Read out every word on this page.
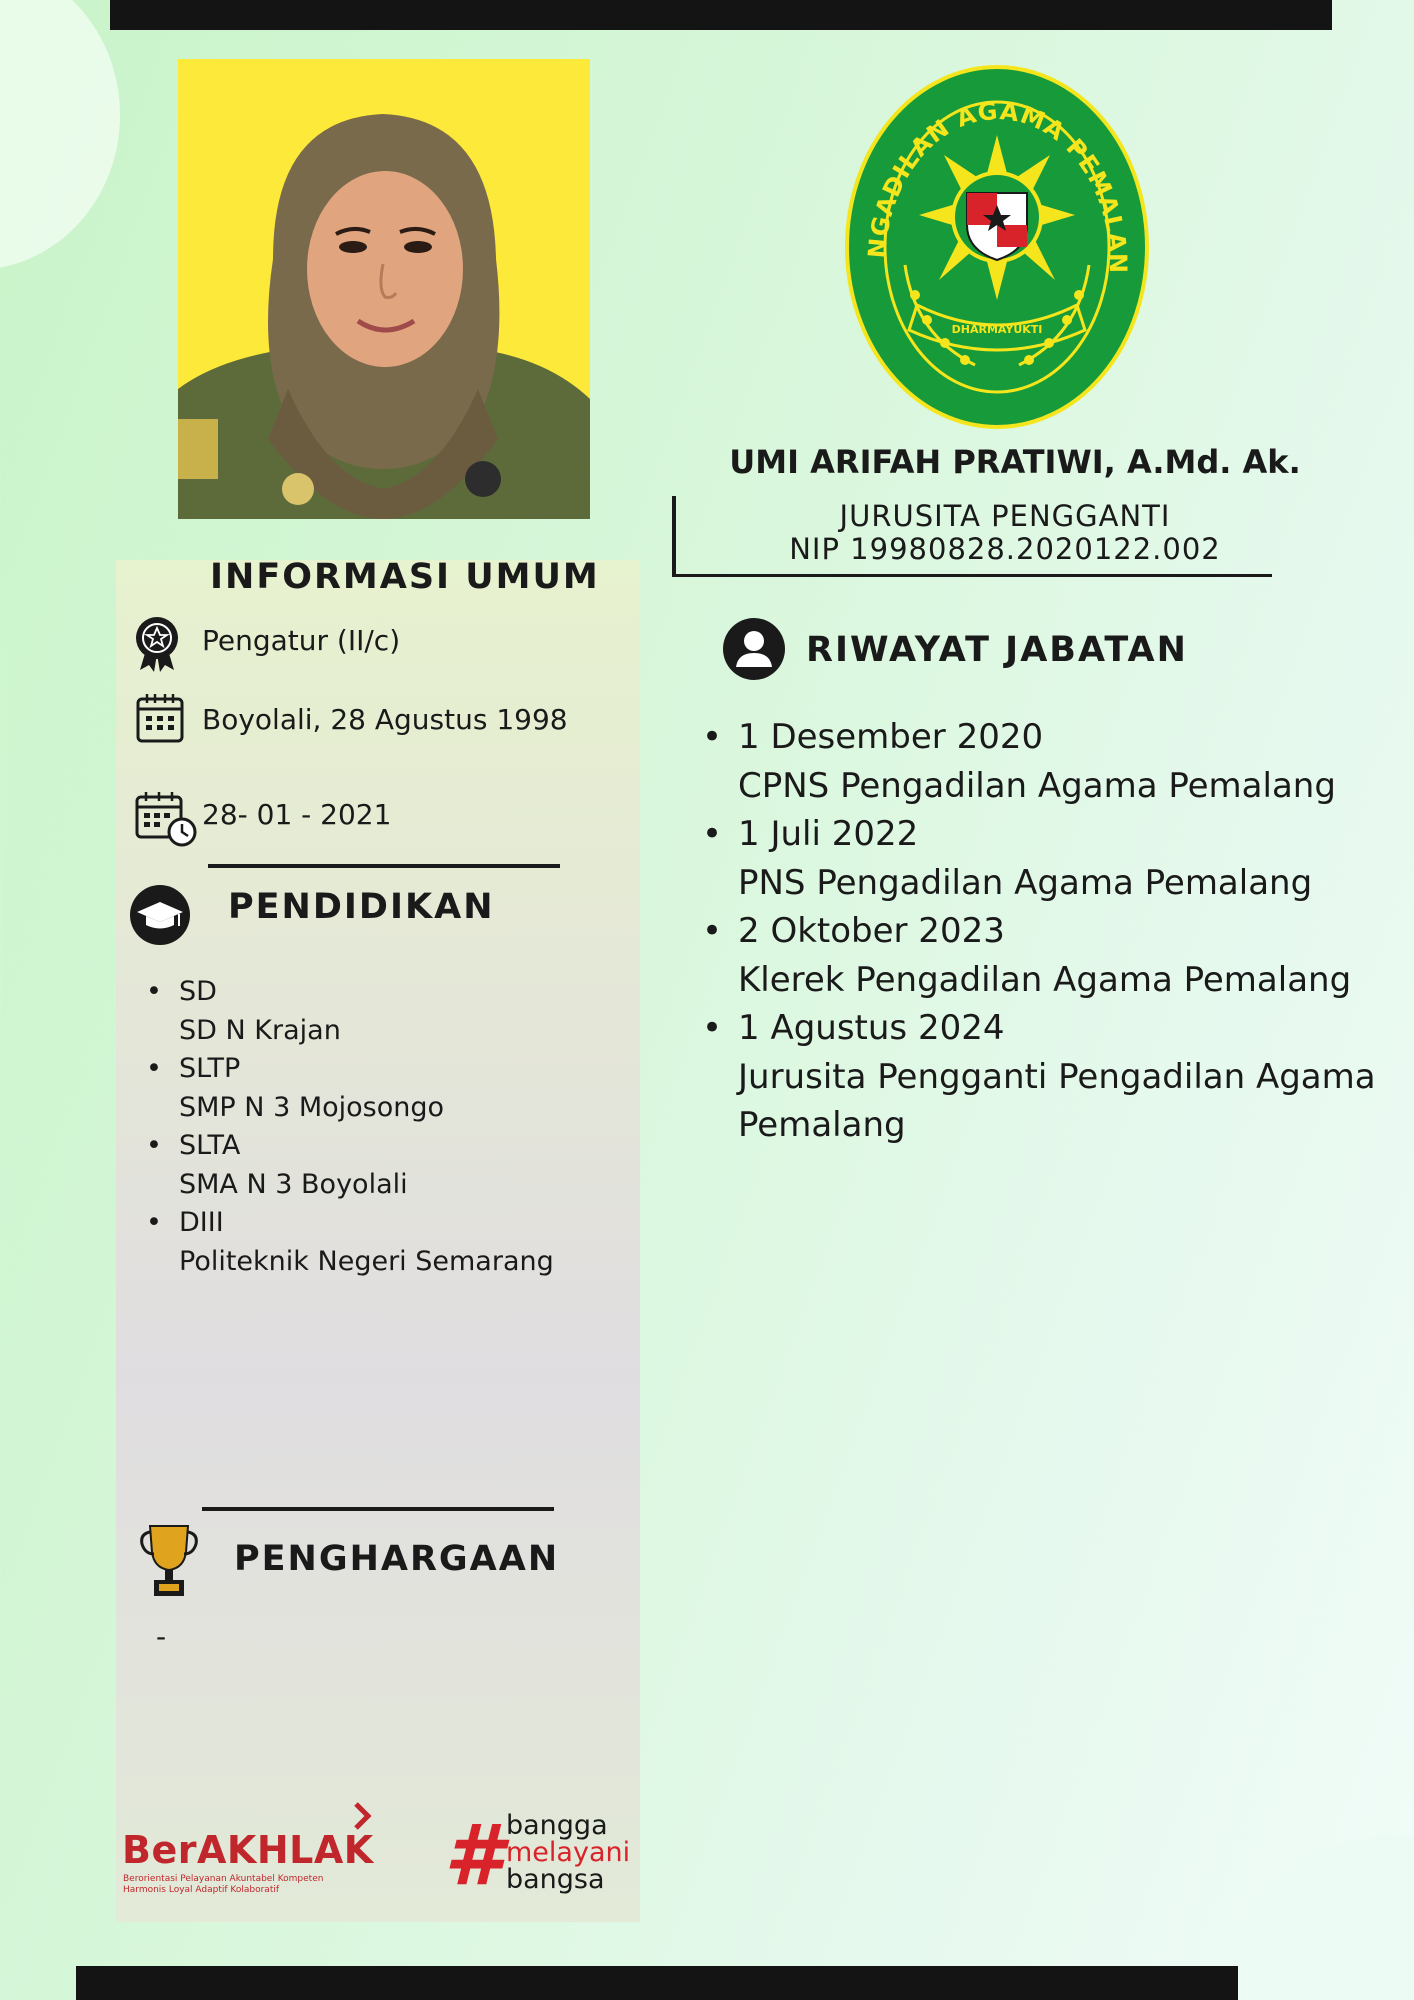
NGADILAN AGAMA PEMALAN
DHARMAYUKTI
UMI ARIFAH PRATIWI, A.Md. Ak.
JURUSITA PENGGANTI
NIP 19980828.2020122.002
INFORMASI UMUM
Pengatur (II/c)
Boyolali, 28 Agustus 1998
28- 01 - 2021
PENDIDIKAN
• SD
SD N Krajan
• SLTP
SMP N 3 Mojosongo
• SLTA
SMA N 3 Boyolali
• DIII
Politeknik Negeri Semarang
PENGHARGAAN
-
RIWAYAT JABATAN
• 1 Desember 2020
CPNS Pengadilan Agama Pemalang
• 1 Juli 2022
PNS Pengadilan Agama Pemalang
• 2 Oktober 2023
Klerek Pengadilan Agama Pemalang
• 1 Agustus 2024
Jurusita Pengganti Pengadilan Agama Pemalang
BerAKHLAK
Berorientasi Pelayanan Akuntabel Kompeten
Harmonis Loyal Adaptif Kolaboratif # bangga
melayani
bangsa
